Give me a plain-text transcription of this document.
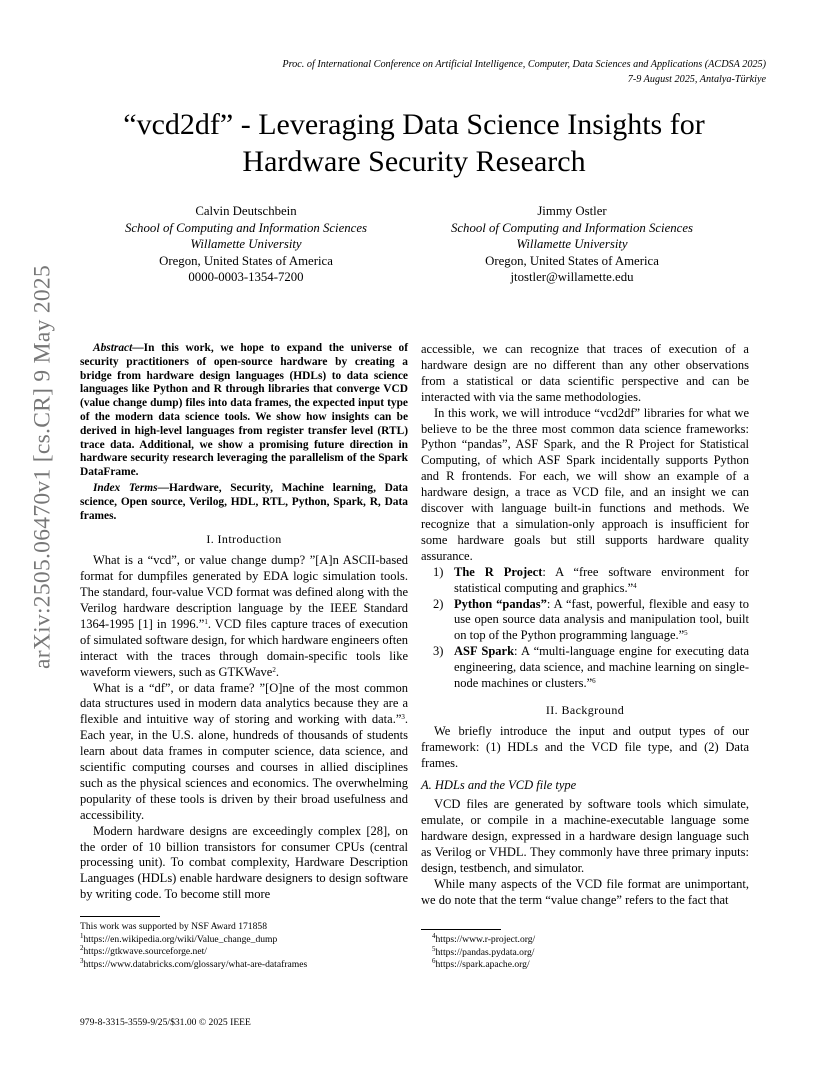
Proc. of International Conference on Artificial Intelligence, Computer, Data Sciences and Applications (ACDSA 2025)
7-9 August 2025, Antalya-Türkiye
arXiv:2505.06470v1 [cs.CR] 9 May 2025
“vcd2df” - Leveraging Data Science Insights for
Hardware Security Research
Calvin Deutschbein
School of Computing and Information Sciences
Willamette University
Oregon, United States of America
0000-0003-1354-7200
Jimmy Ostler
School of Computing and Information Sciences
Willamette University
Oregon, United States of America
jtostler@willamette.edu

Abstract—In this work, we hope to expand the universe of security practitioners of open-source hardware by creating a bridge from hardware design languages (HDLs) to data science languages like Python and R through libraries that converge VCD (value change dump) files into data frames, the expected input type of the modern data science tools. We show how insights can be derived in high-level languages from register transfer level (RTL) trace data. Additional, we show a promising future direction in hardware security research leveraging the parallelism of the Spark DataFrame.

Index Terms—Hardware, Security, Machine learning, Data science, Open source, Verilog, HDL, RTL, Python, Spark, R, Data frames.

I. Introduction

What is a “vcd”, or value change dump? ”[A]n ASCII-based format for dumpfiles generated by EDA logic simulation tools. The standard, four-value VCD format was defined along with the Verilog hardware description language by the IEEE Standard 1364-1995 [1] in 1996.”$^1$. VCD files capture traces of execution of simulated software design, for which hardware engineers often interact with the traces through domain-specific tools like waveform viewers, such as GTKWave$^2$.

What is a “df”, or data frame? ”[O]ne of the most common data structures used in modern data analytics because they are a flexible and intuitive way of storing and working with data.”$^3$. Each year, in the U.S. alone, hundreds of thousands of students learn about data frames in computer science, data science, and scientific computing courses and courses in allied disciplines such as the physical sciences and economics. The overwhelming popularity of these tools is driven by their broad usefulness and accessibility.

Modern hardware designs are exceedingly complex [28], on the order of 10 billion transistors for consumer CPUs (central processing unit). To combat complexity, Hardware Description Languages (HDLs) enable hardware designers to design software by writing code. To become still more

accessible, we can recognize that traces of execution of a hardware design are no different than any other observations from a statistical or data scientific perspective and can be interacted with via the same methodologies.

In this work, we will introduce “vcd2df” libraries for what we believe to be the three most common data science frameworks: Python “pandas”, ASF Spark, and the R Project for Statistical Computing, of which ASF Spark incidentally supports Python and R frontends. For each, we will show an example of a hardware design, a trace as VCD file, and an insight we can discover with language built-in functions and methods. We recognize that a simulation-only approach is insufficient for some hardware goals but still supports hardware quality assurance.

1) The R Project: A “free software environment for statistical computing and graphics.”$^4$
2) Python “pandas”: A “fast, powerful, flexible and easy to use open source data analysis and manipulation tool, built on top of the Python programming language.”$^5$
3) ASF Spark: A “multi-language engine for executing data engineering, data science, and machine learning on single-node machines or clusters.”$^6$
II. Background

We briefly introduce the input and output types of our framework: (1) HDLs and the VCD file type, and (2) Data frames.

A. HDLs and the VCD file type

VCD files are generated by software tools which simulate, emulate, or compile in a machine-executable language some hardware design, expressed in a hardware design language such as Verilog or VHDL. They commonly have three primary inputs: design, testbench, and simulator.

While many aspects of the VCD file format are unimportant, we do note that the term “value change” refers to the fact that

This work was supported by NSF Award 171858
$^1$https://en.wikipedia.org/wiki/Value_change_dump
$^2$https://gtkwave.sourceforge.net/
$^3$https://www.databricks.com/glossary/what-are-dataframes
$^4$https://www.r-project.org/
$^5$https://pandas.pydata.org/
$^6$https://spark.apache.org/
979-8-3315-3559-9/25/$31.00 © 2025 IEEE
